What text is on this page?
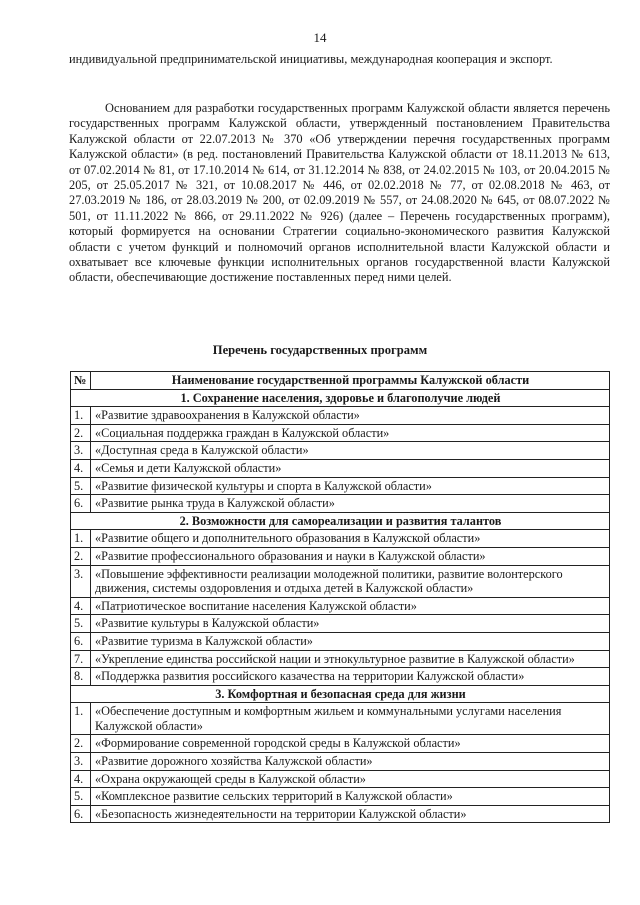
14
индивидуальной предпринимательской инициативы, международная кооперация и экспорт.
Основанием для разработки государственных программ Калужской области является перечень государственных программ Калужской области, утвержденный постановлением Правительства Калужской области от 22.07.2013 № 370 «Об утверждении перечня государственных программ Калужской области» (в ред. постановлений Правительства Калужской области от 18.11.2013 № 613, от 07.02.2014 № 81, от 17.10.2014 № 614, от 31.12.2014 № 838, от 24.02.2015 № 103, от 20.04.2015 № 205, от 25.05.2017 № 321, от 10.08.2017 № 446, от 02.02.2018 № 77, от 02.08.2018 № 463, от 27.03.2019 № 186, от 28.03.2019 № 200, от 02.09.2019 № 557, от 24.08.2020 № 645, от 08.07.2022 № 501, от 11.11.2022 № 866, от 29.11.2022 № 926) (далее – Перечень государственных программ), который формируется на основании Стратегии социально-экономического развития Калужской области с учетом функций и полномочий органов исполнительной власти Калужской области и охватывает все ключевые функции исполнительных органов государственной власти Калужской области, обеспечивающие достижение поставленных перед ними целей.
Перечень государственных программ
№	Наименование государственной программы Калужской области
1. Сохранение населения, здоровье и благополучие людей	
1.	«Развитие здравоохранения в Калужской области»
2.	«Социальная поддержка граждан в Калужской области»
3.	«Доступная среда в Калужской области»
4.	«Семья и дети Калужской области»
5.	«Развитие физической культуры и спорта в Калужской области»
6.	«Развитие рынка труда в Калужской области»
2. Возможности для самореализации и развития талантов	
1.	«Развитие общего и дополнительного образования в Калужской области»
2.	«Развитие профессионального образования и науки в Калужской области»
3.	«Повышение эффективности реализации молодежной политики, развитие волонтерского движения, системы оздоровления и отдыха детей в Калужской области»
4.	«Патриотическое воспитание населения Калужской области»
5.	«Развитие культуры в Калужской области»
6.	«Развитие туризма в Калужской области»
7.	«Укрепление единства российской нации и этнокультурное развитие в Калужской области»
8.	«Поддержка развития российского казачества на территории Калужской области»
3. Комфортная и безопасная среда для жизни	
1.	«Обеспечение доступным и комфортным жильем и коммунальными услугами населения Калужской области»
2.	«Формирование современной городской среды в Калужской области»
3.	«Развитие дорожного хозяйства Калужской области»
4.	«Охрана окружающей среды в Калужской области»
5.	«Комплексное развитие сельских территорий в Калужской области»
6.	«Безопасность жизнедеятельности на территории Калужской области»
